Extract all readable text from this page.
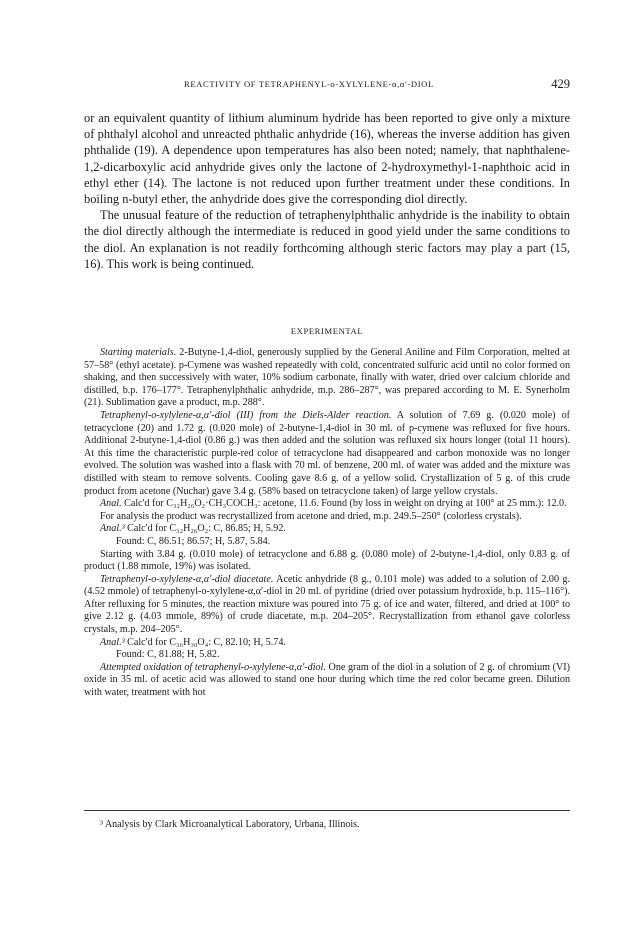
REACTIVITY OF TETRAPHENYL-o-XYLYLENE-α,α′-DIOL	429

or an equivalent quantity of lithium aluminum hydride has been reported to give only a mixture of phthalyl alcohol and unreacted phthalic anhydride (16), whereas the inverse addition has given phthalide (19). A dependence upon temperatures has also been noted; namely, that naphthalene-1,2-dicarboxylic acid anhydride gives only the lactone of 2-hydroxymethyl-1-naphthoic acid in ethyl ether (14). The lactone is not reduced upon further treatment under these conditions. In boiling n-butyl ether, the anhydride does give the corresponding diol directly.

The unusual feature of the reduction of tetraphenylphthalic anhydride is the inability to obtain the diol directly although the intermediate is reduced in good yield under the same conditions to the diol. An explanation is not readily forthcoming although steric factors may play a part (15, 16). This work is being continued.

EXPERIMENTAL

Starting materials. 2-Butyne-1,4-diol, generously supplied by the General Aniline and Film Corporation, melted at 57–58° (ethyl acetate). p-Cymene was washed repeatedly with cold, concentrated sulfuric acid until no color formed on shaking, and then successively with water, 10% sodium carbonate, finally with water, dried over calcium chloride and distilled, b.p. 176–177°. Tetraphenylphthalic anhydride, m.p. 286–287°, was prepared according to M. E. Synerholm (21). Sublimation gave a product, m.p. 288°.

Tetraphenyl-o-xylylene-α,α′-diol (III) from the Diels-Alder reaction. A solution of 7.69 g. (0.020 mole) of tetracyclone (20) and 1.72 g. (0.020 mole) of 2-butyne-1,4-diol in 30 ml. of p-cymene was refluxed for five hours. Additional 2-butyne-1,4-diol (0.86 g.) was then added and the solution was refluxed six hours longer (total 11 hours). At this time the characteristic purple-red color of tetracyclone had disappeared and carbon monoxide was no longer evolved. The solution was washed into a flask with 70 ml. of benzene, 200 ml. of water was added and the mixture was distilled with steam to remove solvents. Cooling gave 8.6 g. of a yellow solid. Crystallization of 5 g. of this crude product from acetone (Nuchar) gave 3.4 g. (58% based on tetracyclone taken) of large yellow crystals.

Anal. Calc'd for C₃₂H₂₆O₂·CH₃COCH₃: acetone, 11.6. Found (by loss in weight on drying at 100° at 25 mm.): 12.0.

For analysis the product was recrystallized from acetone and dried, m.p. 249.5–250° (colorless crystals).

Anal.³ Calc'd for C₃₂H₂₆O₂: C, 86.85; H, 5.92.

Found: C, 86.51; 86.57; H, 5.87, 5.84.

Starting with 3.84 g. (0.010 mole) of tetracyclone and 6.88 g. (0.080 mole) of 2-butyne-1,4-diol, only 0.83 g. of product (1.88 mmole, 19%) was isolated.

Tetraphenyl-o-xylylene-α,α′-diol diacetate. Acetic anhydride (8 g., 0.101 mole) was added to a solution of 2.00 g. (4.52 mmole) of tetraphenyl-o-xylylene-α,α′-diol in 20 ml. of pyridine (dried over potassium hydroxide, b.p. 115–116°). After refluxing for 5 minutes, the reaction mixture was poured into 75 g. of ice and water, filtered, and dried at 100° to give 2.12 g. (4.03 mmole, 89%) of crude diacetate, m.p. 204–205°. Recrystallization from ethanol gave colorless crystals, m.p. 204–205°.

Anal.³ Calc'd for C₃₆H₃₀O₄: C, 82.10; H, 5.74.

Found: C, 81.88; H, 5.82.

Attempted oxidation of tetraphenyl-o-xylylene-α,α′-diol. One gram of the diol in a solution of 2 g. of chromium (VI) oxide in 35 ml. of acetic acid was allowed to stand one hour during which time the red color became green. Dilution with water, treatment with hot

³ Analysis by Clark Microanalytical Laboratory, Urbana, Illinois.
